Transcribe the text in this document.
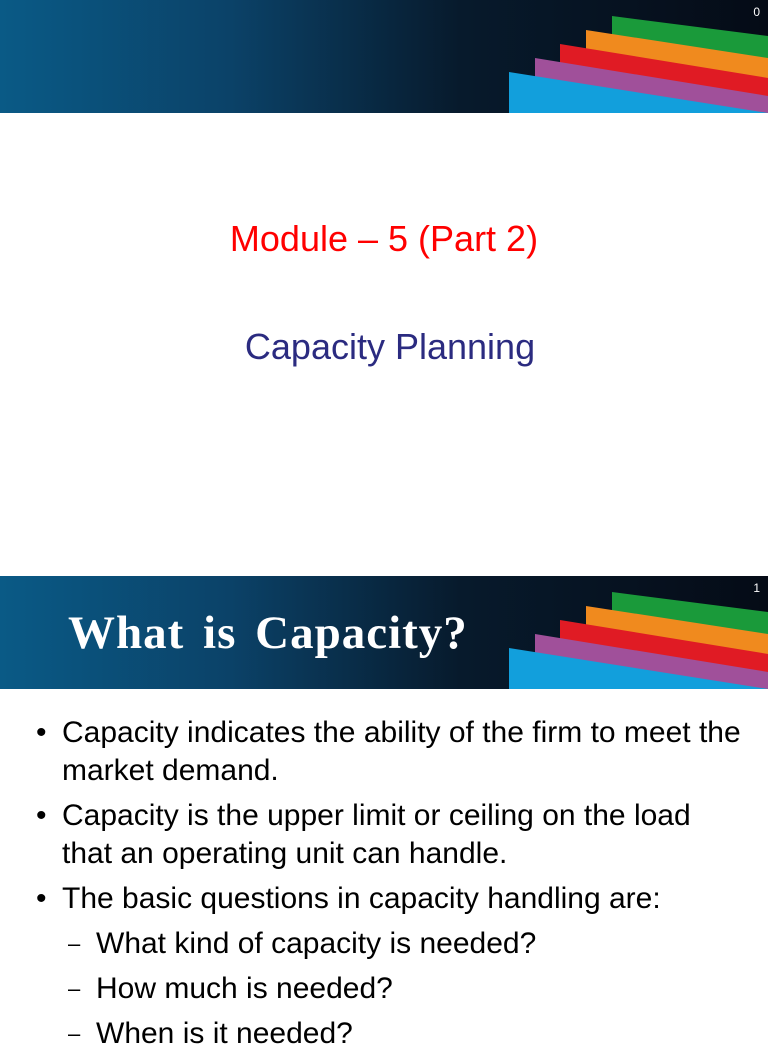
0
Module – 5 (Part 2)
Capacity Planning
1
What is Capacity?
• Capacity indicates the ability of the firm to meet the market demand.
• Capacity is the upper limit or ceiling on the load that an operating unit can handle.
• The basic questions in capacity handling are:
– What kind of capacity is needed?
– How much is needed?
– When is it needed?
